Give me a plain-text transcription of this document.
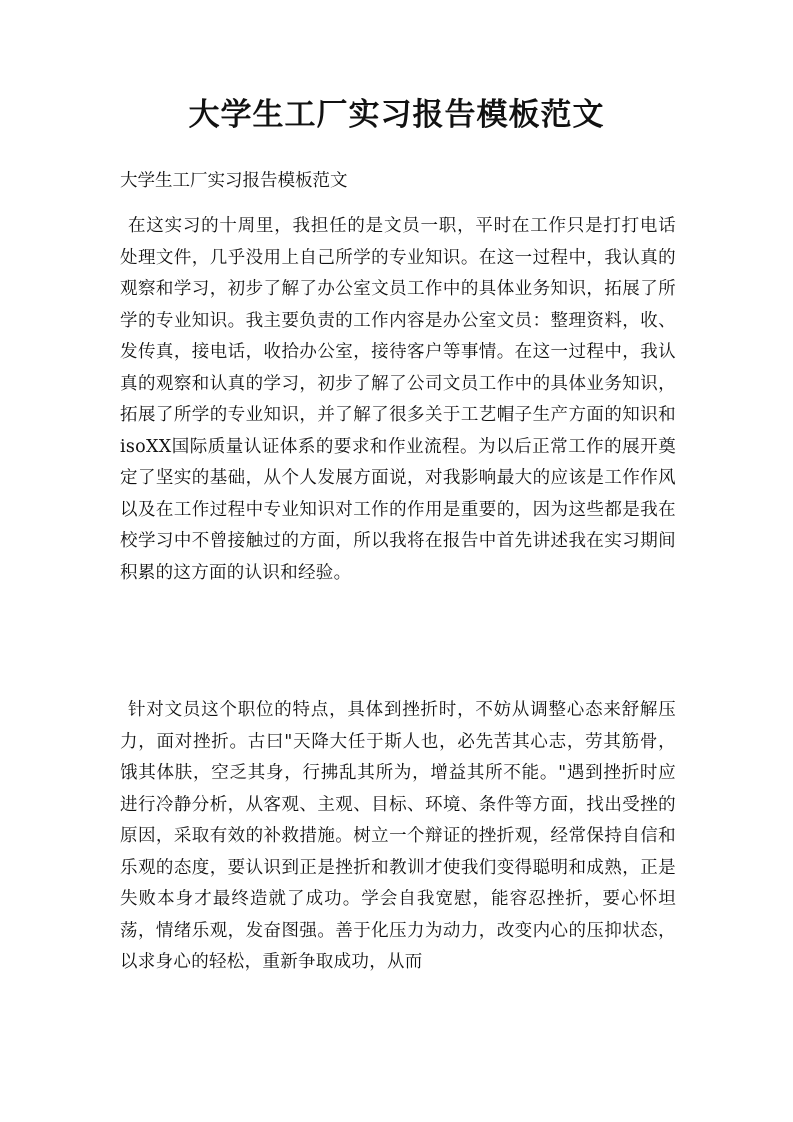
大学生工厂实习报告模板范文

大学生工厂实习报告模板范文

在这实习的十周里，我担任的是文员一职，平时在工作只是打打电话处理文件，几乎没用上自己所学的专业知识。在这一过程中，我认真的观察和学习，初步了解了办公室文员工作中的具体业务知识，拓展了所学的专业知识。我主要负责的工作内容是办公室文员：整理资料，收、发传真，接电话，收拾办公室，接待客户等事情。在这一过程中，我认真的观察和认真的学习，初步了解了公司文员工作中的具体业务知识，拓展了所学的专业知识，并了解了很多关于工艺帽子生产方面的知识和isoXX国际质量认证体系的要求和作业流程。为以后正常工作的展开奠定了坚实的基础，从个人发展方面说，对我影响最大的应该是工作作风以及在工作过程中专业知识对工作的作用是重要的，因为这些都是我在校学习中不曾接触过的方面，所以我将在报告中首先讲述我在实习期间积累的这方面的认识和经验。

针对文员这个职位的特点，具体到挫折时，不妨从调整心态来舒解压力，面对挫折。古曰"天降大任于斯人也，必先苦其心志，劳其筋骨，饿其体肤，空乏其身，行拂乱其所为，增益其所不能。"遇到挫折时应进行冷静分析，从客观、主观、目标、环境、条件等方面，找出受挫的原因，采取有效的补救措施。树立一个辩证的挫折观，经常保持自信和乐观的态度，要认识到正是挫折和教训才使我们变得聪明和成熟，正是失败本身才最终造就了成功。学会自我宽慰，能容忍挫折，要心怀坦荡，情绪乐观，发奋图强。善于化压力为动力，改变内心的压抑状态，以求身心的轻松，重新争取成功，从而
